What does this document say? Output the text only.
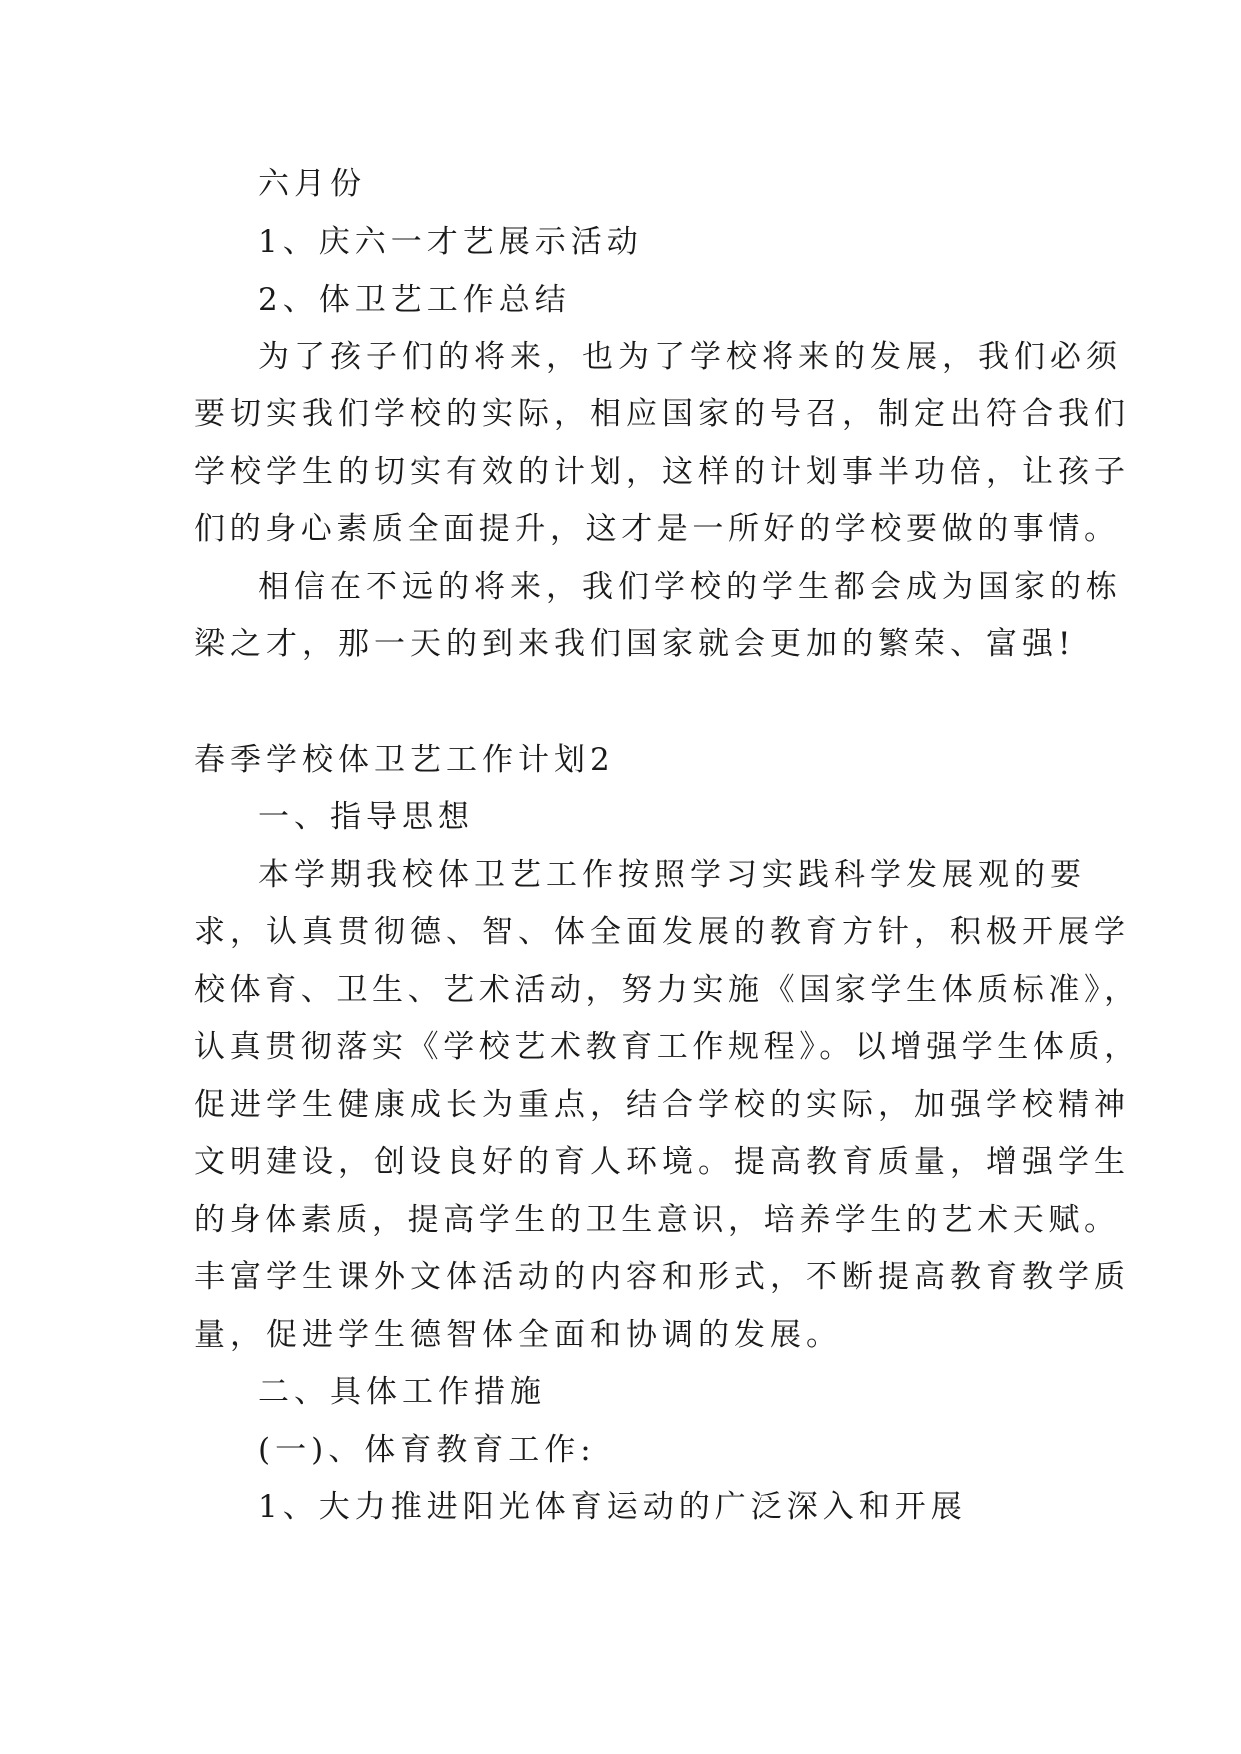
六月份
1、庆六一才艺展示活动
2、体卫艺工作总结
为了孩子们的将来，也为了学校将来的发展，我们必须
要切实我们学校的实际，相应国家的号召，制定出符合我们
学校学生的切实有效的计划，这样的计划事半功倍，让孩子
们的身心素质全面提升，这才是一所好的学校要做的事情。
相信在不远的将来，我们学校的学生都会成为国家的栋
梁之才，那一天的到来我们国家就会更加的繁荣、富强!
春季学校体卫艺工作计划2
一、指导思想
本学期我校体卫艺工作按照学习实践科学发展观的要
求，认真贯彻德、智、体全面发展的教育方针，积极开展学
校体育、卫生、艺术活动，努力实施《国家学生体质标准》，
认真贯彻落实《学校艺术教育工作规程》。以增强学生体质，
促进学生健康成长为重点，结合学校的实际，加强学校精神
文明建设，创设良好的育人环境。提高教育质量，增强学生
的身体素质，提高学生的卫生意识，培养学生的艺术天赋。
丰富学生课外文体活动的内容和形式，不断提高教育教学质
量，促进学生德智体全面和协调的发展。
二、具体工作措施
(一)、体育教育工作:
1、大力推进阳光体育运动的广泛深入和开展
